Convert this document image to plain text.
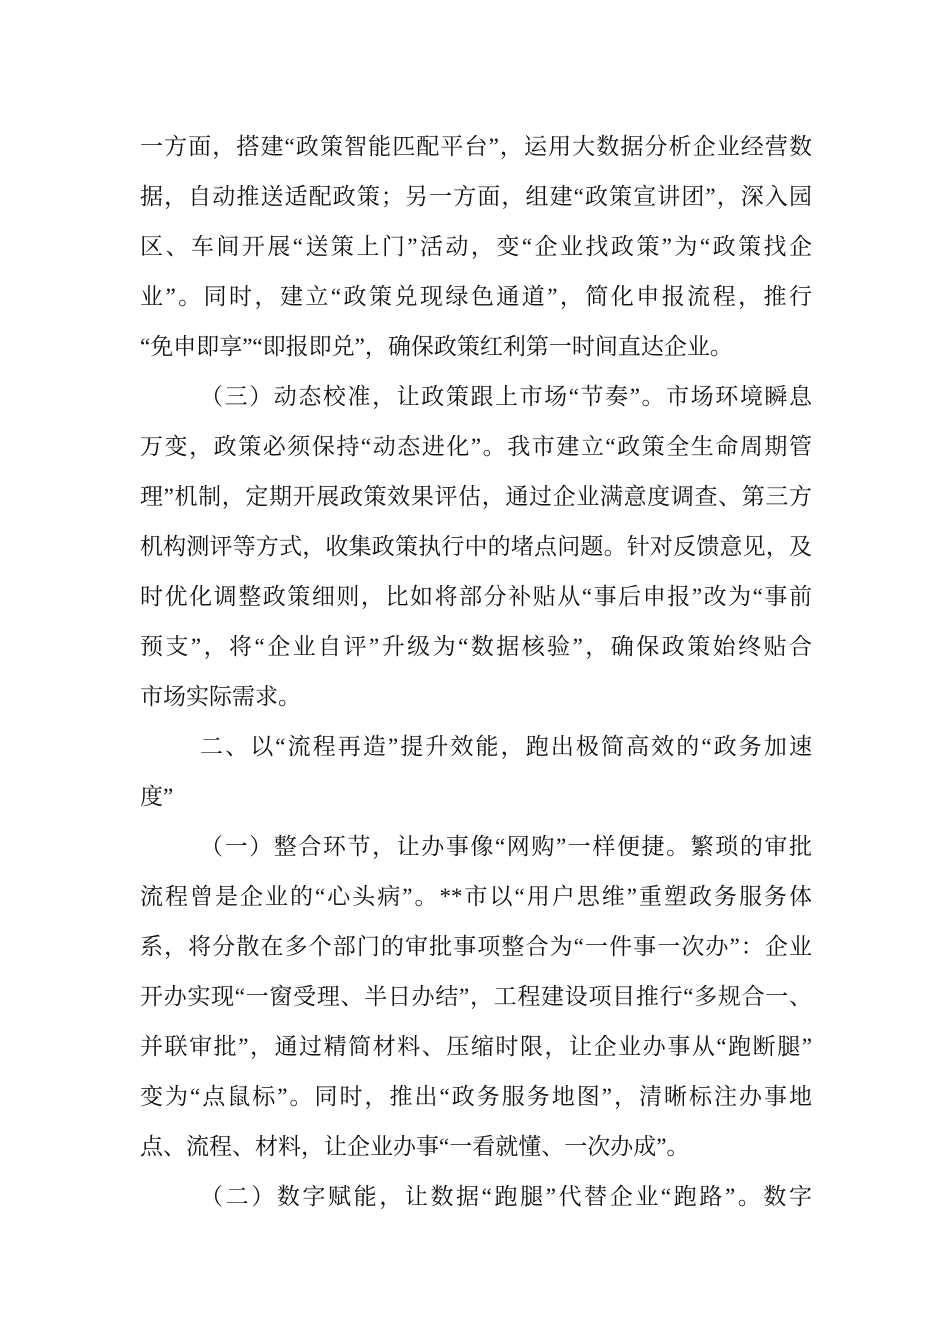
一方面，搭建“政策智能匹配平台”，运用大数据分析企业经营数
据，自动推送适配政策；另一方面，组建“政策宣讲团”，深入园
区、车间开展“送策上门”活动，变“企业找政策”为“政策找企
业”。同时，建立“政策兑现绿色通道”，简化申报流程，推行
“免申即享”“即报即兑”，确保政策红利第一时间直达企业。
（三）动态校准，让政策跟上市场“节奏”。市场环境瞬息
万变，政策必须保持“动态进化”。我市建立“政策全生命周期管
理”机制，定期开展政策效果评估，通过企业满意度调查、第三方
机构测评等方式，收集政策执行中的堵点问题。针对反馈意见，及
时优化调整政策细则，比如将部分补贴从“事后申报”改为“事前
预支”，将“企业自评”升级为“数据核验”，确保政策始终贴合
市场实际需求。
二、以“流程再造”提升效能，跑出极简高效的“政务加速
度”
（一）整合环节，让办事像“网购”一样便捷。繁琐的审批
流程曾是企业的“心头病”。**市以“用户思维”重塑政务服务体
系，将分散在多个部门的审批事项整合为“一件事一次办”：企业
开办实现“一窗受理、半日办结”，工程建设项目推行“多规合一、
并联审批”，通过精简材料、压缩时限，让企业办事从“跑断腿”
变为“点鼠标”。同时，推出“政务服务地图”，清晰标注办事地
点、流程、材料，让企业办事“一看就懂、一次办成”。
（二）数字赋能，让数据“跑腿”代替企业“跑路”。数字
